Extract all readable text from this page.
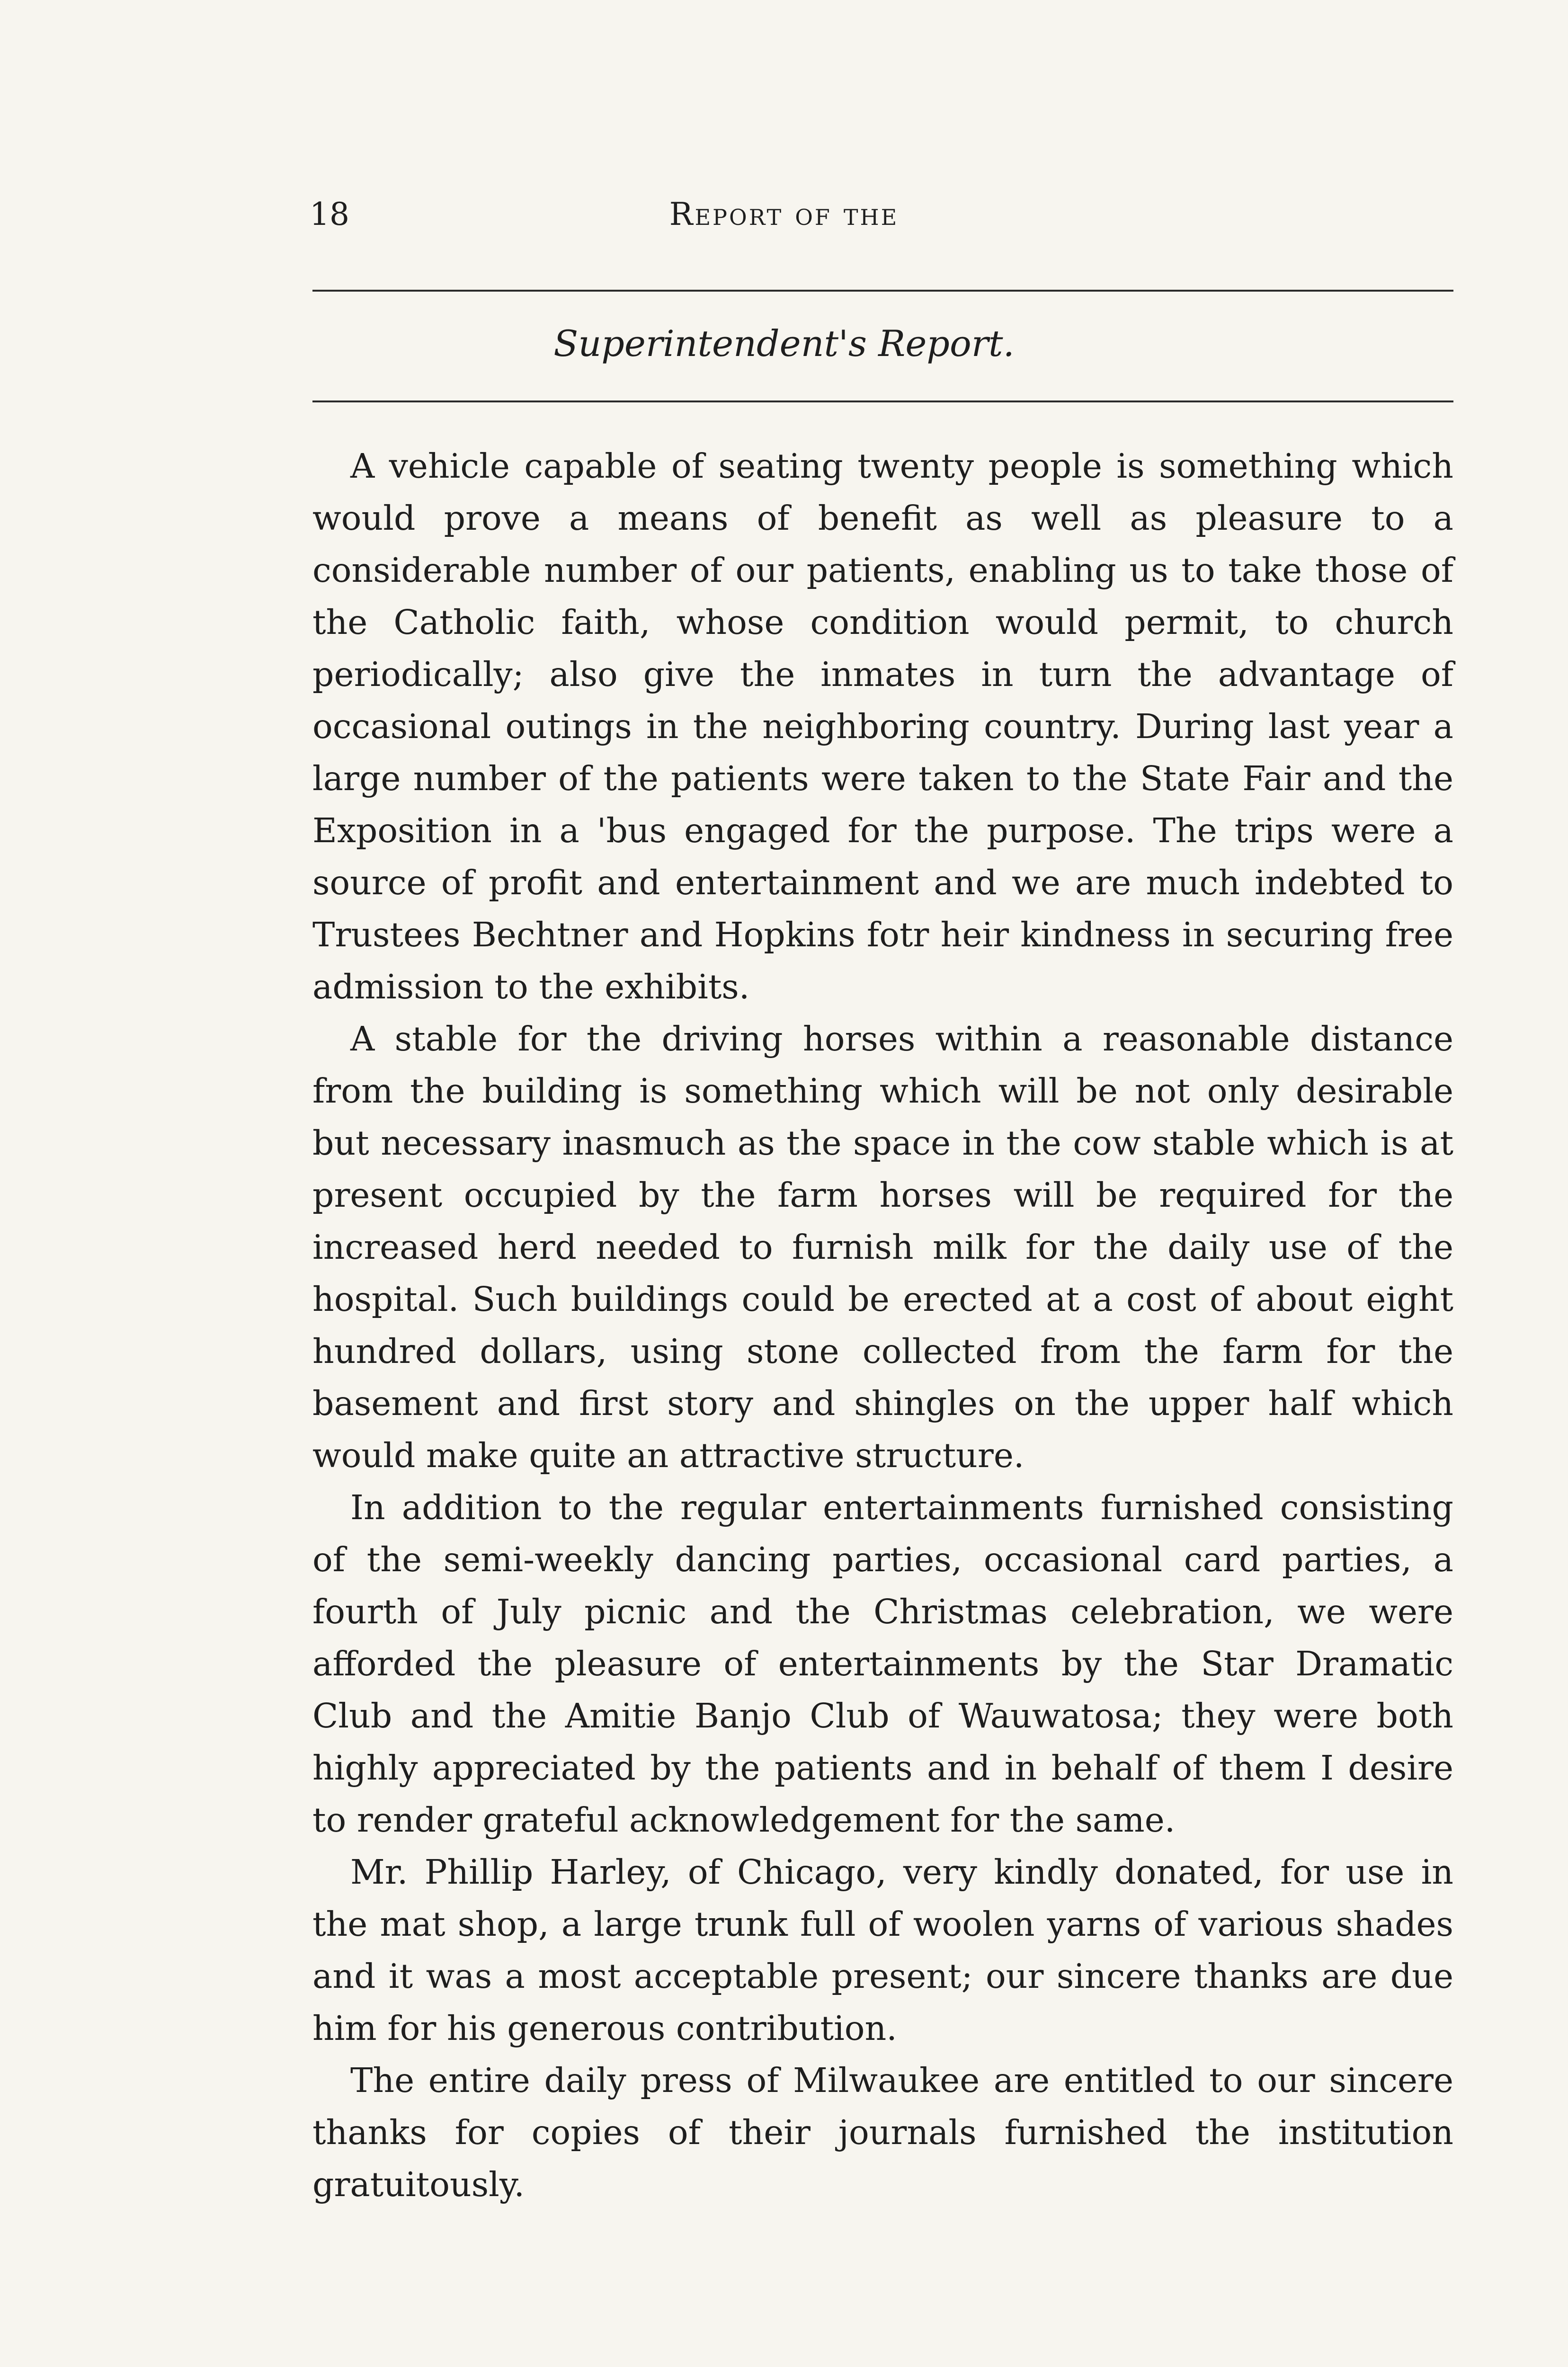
18	Report of the
Superintendent's Report.

A vehicle capable of seating twenty people is something which would prove a means of benefit as well as pleasure to a considerable number of our patients, enabling us to take those of the Catholic faith, whose condition would permit, to church periodically; also give the inmates in turn the advantage of occasional outings in the neighboring country. During last year a large number of the patients were taken to the State Fair and the Exposition in a 'bus engaged for the purpose. The trips were a source of profit and entertainment and we are much indebted to Trustees Bechtner and Hopkins fotr heir kindness in securing free admission to the exhibits.

A stable for the driving horses within a reasonable distance from the building is something which will be not only desirable but necessary inasmuch as the space in the cow stable which is at present occupied by the farm horses will be required for the increased herd needed to furnish milk for the daily use of the hospital. Such buildings could be erected at a cost of about eight hundred dollars, using stone collected from the farm for the basement and first story and shingles on the upper half which would make quite an attractive structure.

In addition to the regular entertainments furnished consisting of the semi-weekly dancing parties, occasional card parties, a fourth of July picnic and the Christmas celebration, we were afforded the pleasure of entertainments by the Star Dramatic Club and the Amitie Banjo Club of Wauwatosa; they were both highly appreciated by the patients and in behalf of them I desire to render grateful acknowledgement for the same.

Mr. Phillip Harley, of Chicago, very kindly donated, for use in the mat shop, a large trunk full of woolen yarns of various shades and it was a most acceptable present; our sincere thanks are due him for his generous contribution.

The entire daily press of Milwaukee are entitled to our sincere thanks for copies of their journals furnished the institution gratuitously.
